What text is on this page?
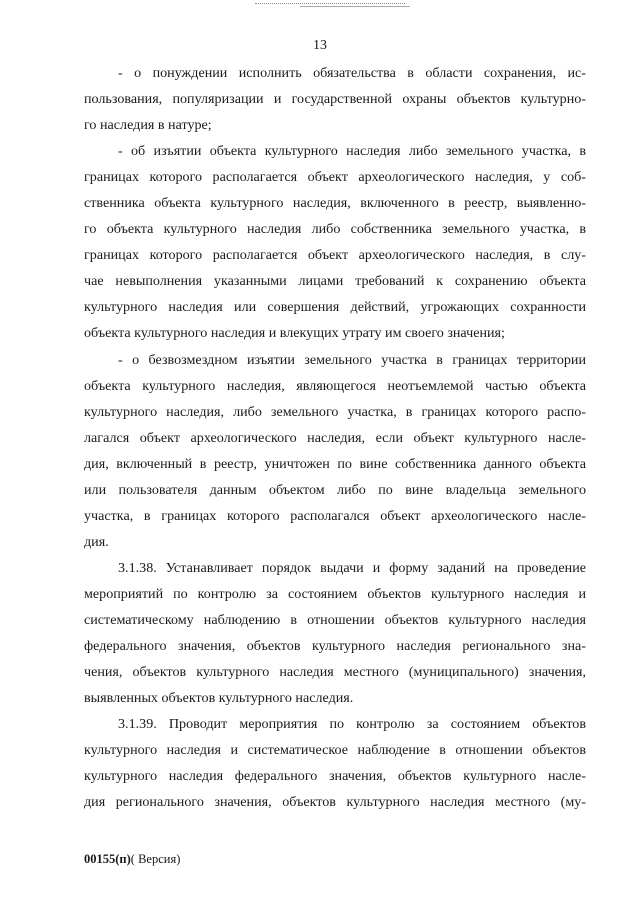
13
- о понуждении исполнить обязательства в области сохранения, ис-
пользования, популяризации и государственной охраны объектов культурно-
го наследия в натуре;
- об изъятии объекта культурного наследия либо земельного участка, в
границах которого располагается объект археологического наследия, у соб-
ственника объекта культурного наследия, включенного в реестр, выявленно-
го объекта культурного наследия либо собственника земельного участка, в
границах которого располагается объект археологического наследия, в слу-
чае невыполнения указанными лицами требований к сохранению объекта
культурного наследия или совершения действий, угрожающих сохранности
объекта культурного наследия и влекущих утрату им своего значения;
- о безвозмездном изъятии земельного участка в границах территории
объекта культурного наследия, являющегося неотъемлемой частью объекта
культурного наследия, либо земельного участка, в границах которого распо-
лагался объект археологического наследия, если объект культурного насле-
дия, включенный в реестр, уничтожен по вине собственника данного объекта
или пользователя данным объектом либо по вине владельца земельного
участка, в границах которого располагался объект археологического насле-
дия.
3.1.38. Устанавливает порядок выдачи и форму заданий на проведение
мероприятий по контролю за состоянием объектов культурного наследия и
систематическому наблюдению в отношении объектов культурного наследия
федерального значения, объектов культурного наследия регионального зна-
чения, объектов культурного наследия местного (муниципального) значения,
выявленных объектов культурного наследия.
3.1.39. Проводит мероприятия по контролю за состоянием объектов
культурного наследия и систематическое наблюдение в отношении объектов
культурного наследия федерального значения, объектов культурного насле-
дия регионального значения, объектов культурного наследия местного (му-
00155(п)( Версия)
